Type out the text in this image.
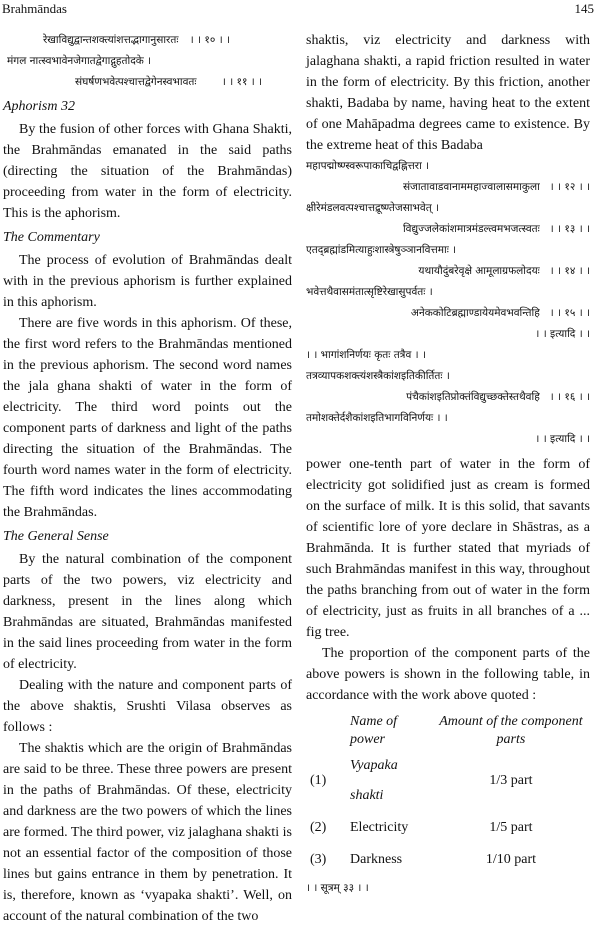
Brahmāndas	145
रेखाविद्युद्वान्तशक्त्यांशत्तद्भागानुसारतः । । १० । ।
मंगल नात्स्वभावेनजेगातद्वेगाद्गुहतोदके ।
संघर्षणभवेत्पश्चात्तद्वेगेनस्वभावतः । । ११ । ।

Aphorism 32

By the fusion of other forces with Ghana Shakti, the Brahmāndas emanated in the said paths (directing the situation of the Brahmāndas) proceeding from water in the form of electricity. This is the aphorism.

The Commentary

The process of evolution of Brahmāndas dealt with in the previous aphorism is further explained in this aphorism.

There are five words in this aphorism. Of these, the first word refers to the Brahmāndas mentioned in the previous aphorism. The second word names the jala ghana shakti of water in the form of electricity. The third word points out the component parts of darkness and light of the paths directing the situation of the Brahmāndas. The fourth word names water in the form of electricity. The fifth word indicates the lines accommodating the Brahmāndas.

The General Sense

By the natural combination of the component parts of the two powers, viz electricity and darkness, present in the lines along which Brahmāndas are situated, Brahmāndas manifested in the said lines proceeding from water in the form of electricity.

Dealing with the nature and component parts of the above shaktis, Srushti Vilasa observes as follows :

The shaktis which are the origin of Brahmāndas are said to be three. These three powers are present in the paths of Brahmāndas. Of these, electricity and darkness are the two powers of which the lines are formed. The third power, viz jalaghana shakti is not an essential factor of the composition of those lines but gains entrance in them by penetration. It is, therefore, known as ‘vyapaka shakti’. Well, on account of the natural combination of the two

shaktis, viz electricity and darkness with jalaghana shakti, a rapid friction resulted in water in the form of electricity. By this friction, another shakti, Badaba by name, having heat to the extent of one Mahāpadma degrees came to existence. By the extreme heat of this Badaba

महापद्मोष्ण्स्वरूपाकाचिद्वह्नित्तरा ।
संजातावाडवानाममहाज्वालासमाकुला । । १२ । ।
क्षीरेमंडलवत्पश्चात्तद्रूष्ण्तेजसाभवेत् ।
विद्युज्जलेकांशमात्रमंडल्त्वमभजत्स्वतः । । १३ । ।
एतद्ब्रह्मांडमित्याहुःशास्त्रेषुञ्ञानवित्तमाः ।
यथायौदुंबरेवृक्षे आमूलाग्रफलोदयः । । १४ । ।
भवेत्तथैवासमंतात्सृष्टिरेखासुपर्वतः ।
अनेककोटिब्रह्माण्डायेयमेवभवन्तिहि । । १५ । ।
। । इत्यादि । ।
। । भागांशनिर्णयः कृतः तत्रैव । ।
तत्रव्यापकशक्त्यंशस्त्रैकांशइतिकीर्तितः ।
पंचैकांशइतिप्रोक्तंविद्युच्छक्तेस्तथैवहि । । १६ । ।
तमोशक्तेर्दशैकांशइतिभागविनिर्णयः । ।
। । इत्यादि । ।

power one-tenth part of water in the form of electricity got solidified just as cream is formed on the surface of milk. It is this solid, that savants of scientific lore of yore declare in Shāstras, as a Brahmānda. It is further stated that myriads of such Brahmāndas manifest in this way, throughout the paths branching from out of water in the form of electricity, just as fruits in all branches of a ... fig tree.

The proportion of the component parts of the above powers is shown in the following table, in accordance with the work above quoted :

	Name of power	Amount of the component parts
(1)	Vyapaka shakti	1/3 part
(2)	Electricity	1/5 part
(3)	Darkness	1/10 part
। । सूत्रम् ३३ । ।
